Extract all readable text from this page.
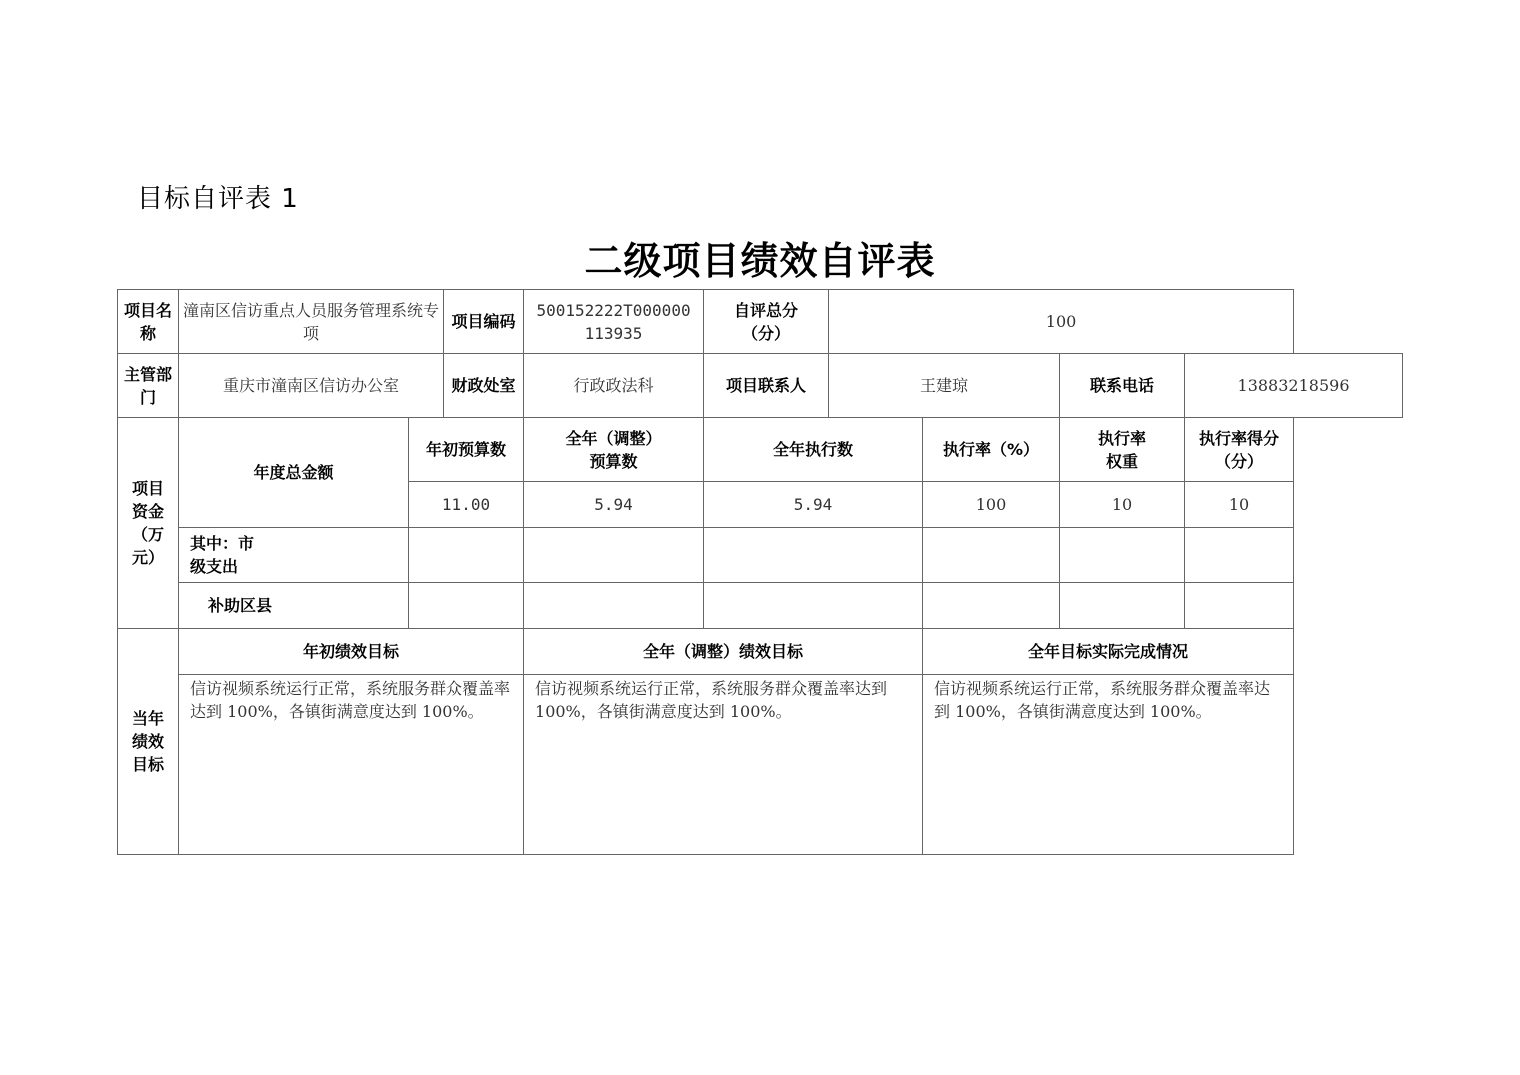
目标自评表 1
二级项目绩效自评表
项目名称	潼南区信访重点人员服务管理系统专项		项目编码	500152222T000000113935	自评总分（分）	100			
主管部门	重庆市潼南区信访办公室		财政处室	行政政法科	项目联系人	王建琼		联系电话	13883218596
项目资金（万元）	年度总金额	年初预算数		全年（调整）预算数	全年执行数		执行率（%）	执行率权重	执行率得分（分）
		11.00		5.94	5.94		100	10	10
	其中：市级支出								
	补助区县								
当年绩效目标	年初绩效目标			全年（调整）绩效目标			全年目标实际完成情况		
	信访视频系统运行正常，系统服务群众覆盖率达到 100%，各镇街满意度达到 100%。			信访视频系统运行正常，系统服务群众覆盖率达到 100%，各镇街满意度达到 100%。			信访视频系统运行正常，系统服务群众覆盖率达到 100%，各镇街满意度达到 100%。		
